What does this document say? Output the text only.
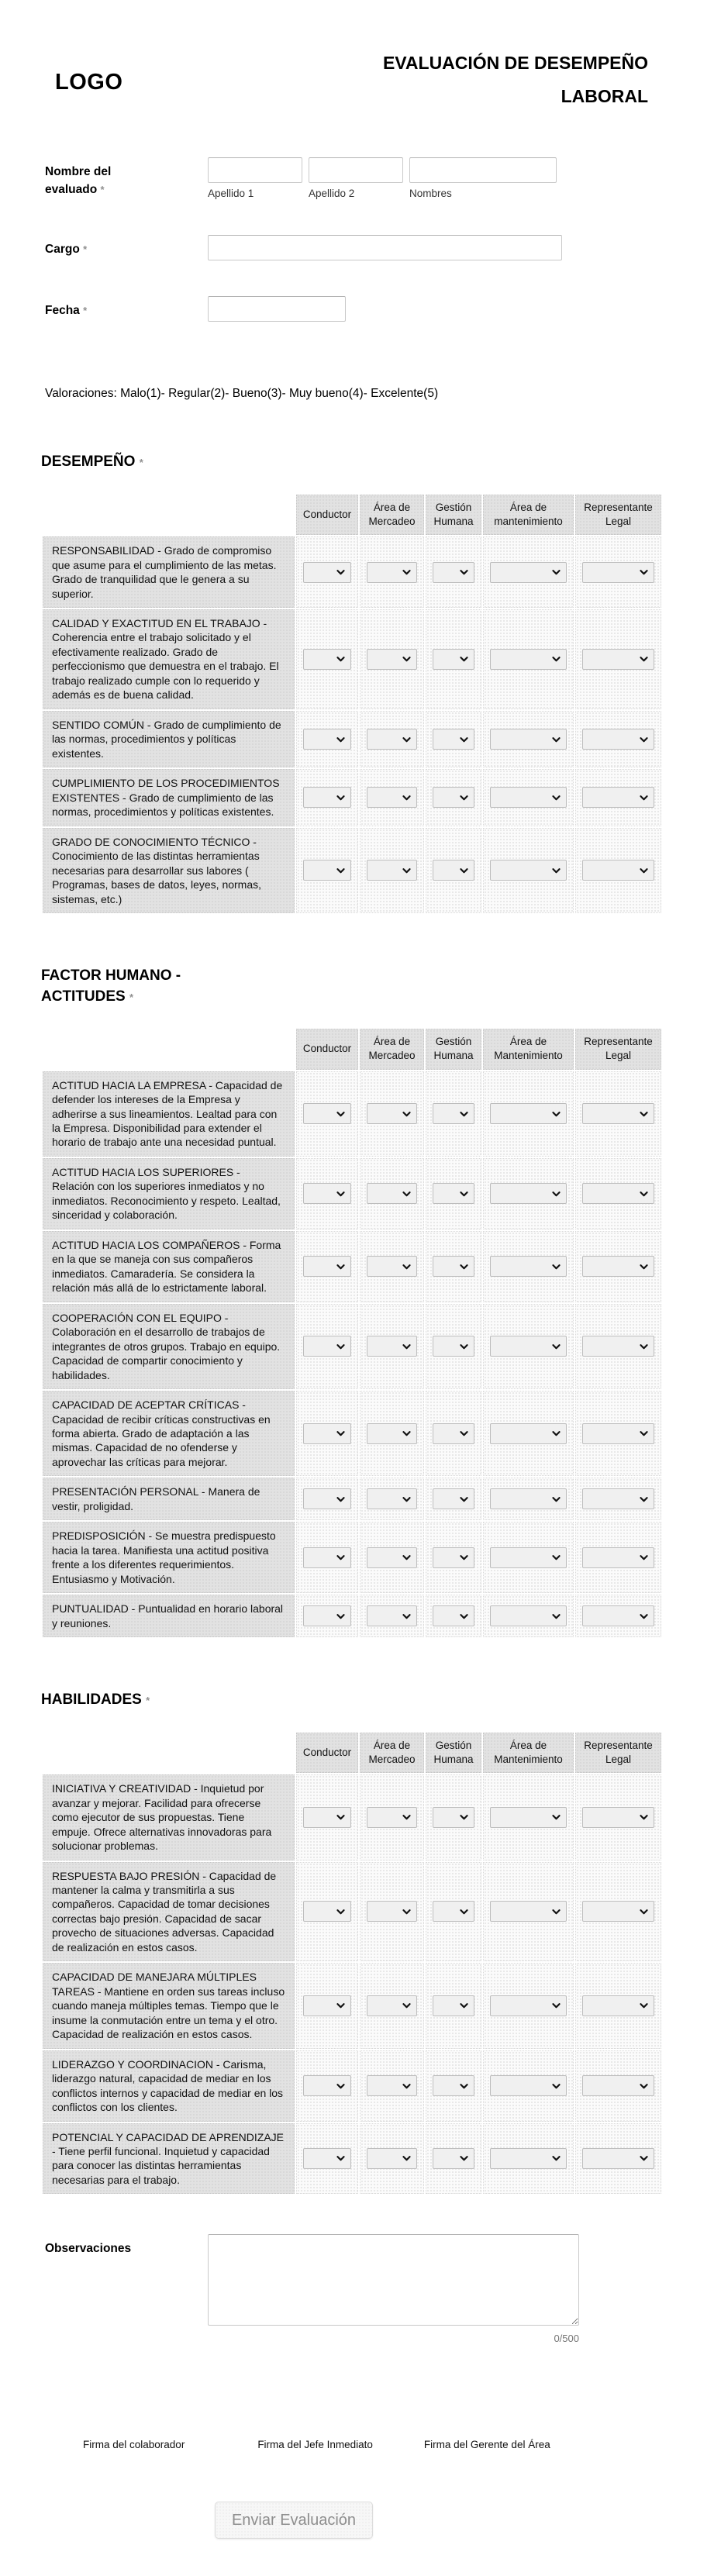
LOGO
EVALUACIÓN DE DESEMPEÑO
LABORAL
Nombre del evaluado *	Apellido 1	Apellido 2	Nombres
Cargo *
Fecha *
Valoraciones: Malo(1)- Regular(2)- Bueno(3)- Muy bueno(4)- Excelente(5)
DESEMPEÑO *
	Conductor	Área de Mercadeo	Gestión Humana	Área de mantenimiento	Representante Legal
RESPONSABILIDAD - Grado de compromiso que asume para el cumplimiento de las metas. Grado de tranquilidad que le genera a su superior.	

CALIDAD Y EXACTITUD EN EL TRABAJO - Coherencia entre el trabajo solicitado y el efectivamente realizado. Grado de perfeccionismo que demuestra en el trabajo. El trabajo realizado cumple con lo requerido y además es de buena calidad.	

SENTIDO COMÚN - Grado de cumplimiento de las normas, procedimientos y políticas existentes.	

CUMPLIMIENTO DE LOS PROCEDIMIENTOS EXISTENTES - Grado de cumplimiento de las normas, procedimientos y políticas existentes.	

GRADO DE CONOCIMIENTO TÉCNICO - Conocimiento de las distintas herramientas necesarias para desarrollar sus labores ( Programas, bases de datos, leyes, normas, sistemas, etc.)	

FACTOR HUMANO - ACTITUDES *
	Conductor	Área de Mercadeo	Gestión Humana	Área de Mantenimiento	Representante Legal
ACTITUD HACIA LA EMPRESA - Capacidad de defender los intereses de la Empresa y adherirse a sus lineamientos. Lealtad para con la Empresa. Disponibilidad para extender el horario de trabajo ante una necesidad puntual.	

ACTITUD HACIA LOS SUPERIORES - Relación con los superiores inmediatos y no inmediatos. Reconocimiento y respeto. Lealtad, sinceridad y colaboración.	

ACTITUD HACIA LOS COMPAÑEROS - Forma en la que se maneja con sus compañeros inmediatos. Camaradería. Se considera la relación más allá de lo estrictamente laboral.	

COOPERACIÓN CON EL EQUIPO - Colaboración en el desarrollo de trabajos de integrantes de otros grupos. Trabajo en equipo. Capacidad de compartir conocimiento y habilidades.	

CAPACIDAD DE ACEPTAR CRÍTICAS - Capacidad de recibir críticas constructivas en forma abierta. Grado de adaptación a las mismas. Capacidad de no ofenderse y aprovechar las críticas para mejorar.	

PRESENTACIÓN PERSONAL - Manera de vestir, proligidad.	

PREDISPOSICIÓN - Se muestra predispuesto hacia la tarea. Manifiesta una actitud positiva frente a los diferentes requerimientos. Entusiasmo y Motivación.	

PUNTUALIDAD - Puntualidad en horario laboral y reuniones.	

HABILIDADES *
	Conductor	Área de Mercadeo	Gestión Humana	Área de Mantenimiento	Representante Legal
INICIATIVA Y CREATIVIDAD - Inquietud por avanzar y mejorar. Facilidad para ofrecerse como ejecutor de sus propuestas. Tiene empuje. Ofrece alternativas innovadoras para solucionar problemas.	

RESPUESTA BAJO PRESIÓN - Capacidad de mantener la calma y transmitirla a sus compañeros. Capacidad de tomar decisiones correctas bajo presión. Capacidad de sacar provecho de situaciones adversas. Capacidad de realización en estos casos.	

CAPACIDAD DE MANEJARA MÚLTIPLES TAREAS - Mantiene en orden sus tareas incluso cuando maneja múltiples temas. Tiempo que le insume la conmutación entre un tema y el otro. Capacidad de realización en estos casos.	

LIDERAZGO Y COORDINACION - Carisma, liderazgo natural, capacidad de mediar en los conflictos internos y capacidad de mediar en los conflictos con los clientes.	

POTENCIAL Y CAPACIDAD DE APRENDIZAJE - Tiene perfil funcional. Inquietud y capacidad para conocer las distintas herramientas necesarias para el trabajo.	

Observaciones
0/500
Firma del colaborador	Firma del Jefe Inmediato	Firma del Gerente del Área
Enviar Evaluación
